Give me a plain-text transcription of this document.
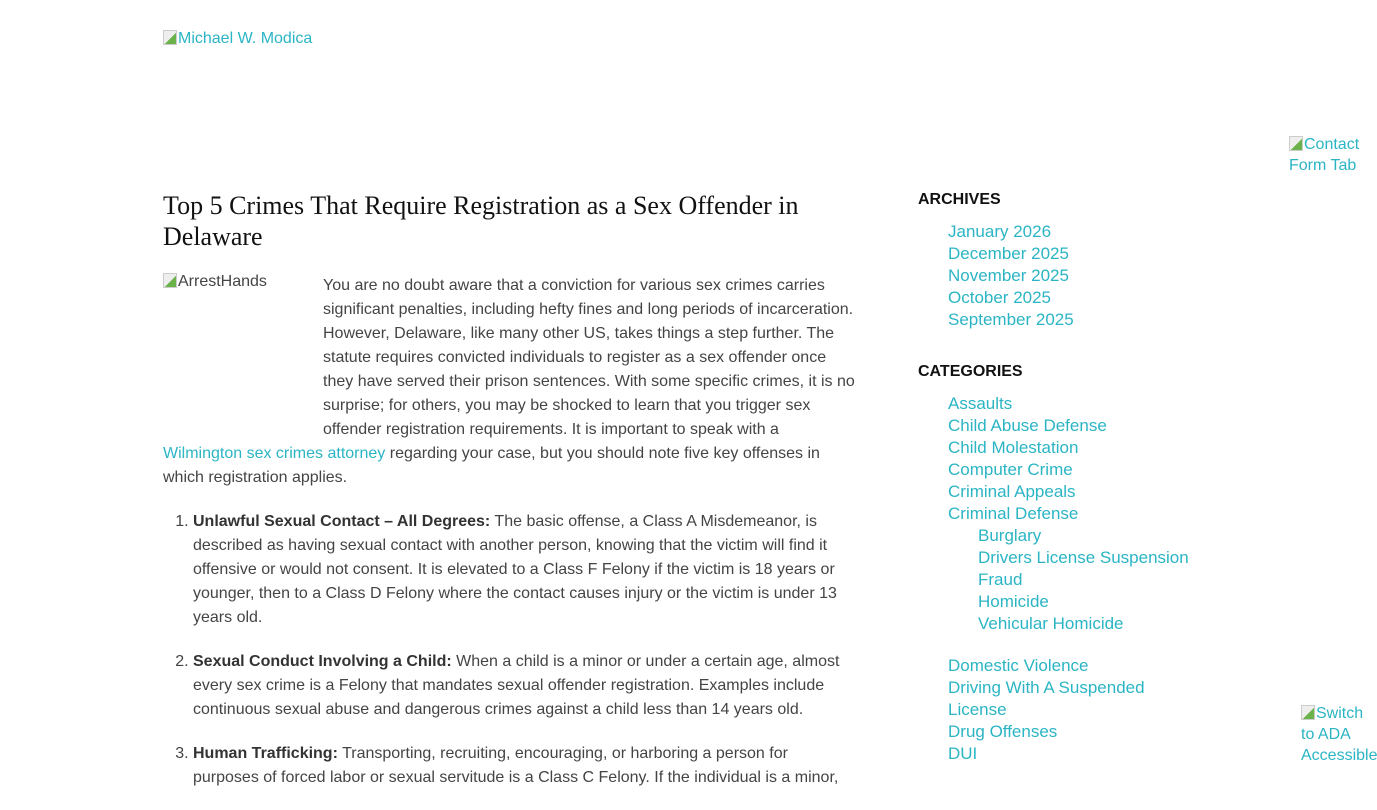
Michael W. Modica
Contact Form Tab
Switch to ADA Accessible
Top 5 Crimes That Require Registration as a Sex Offender in Delaware
ArrestHands	You are no doubt aware that a conviction for various sex crimes carries significant penalties, including hefty fines and long periods of incarceration. However, Delaware, like many other US, takes things a step further. The statute requires convicted individuals to register as a sex offender once they have served their prison sentences. With some specific crimes, it is no surprise; for others, you may be shocked to learn that you trigger sex offender registration requirements. It is important to speak with a Wilmington sex crimes attorney regarding your case, but you should note five key offenses in which registration applies.

1. Unlawful Sexual Contact – All Degrees: The basic offense, a Class A Misdemeanor, is described as having sexual contact with another person, knowing that the victim will find it offensive or would not consent. It is elevated to a Class F Felony if the victim is 18 years or younger, then to a Class D Felony where the contact causes injury or the victim is under 13 years old.
2. Sexual Conduct Involving a Child: When a child is a minor or under a certain age, almost every sex crime is a Felony that mandates sexual offender registration. Examples include continuous sexual abuse and dangerous crimes against a child less than 14 years old.
3. Human Trafficking: Transporting, recruiting, encouraging, or harboring a person for purposes of forced labor or sexual servitude is a Class C Felony. If the individual is a minor,
ARCHIVES
January 2026
December 2025
November 2025
October 2025
September 2025
CATEGORIES
Assaults
Child Abuse Defense
Child Molestation
Computer Crime
Criminal Appeals
Criminal Defense
Burglary
Drivers License Suspension
Fraud
Homicide
Vehicular Homicide
Domestic Violence
Driving With A Suspended License
Drug Offenses
DUI
